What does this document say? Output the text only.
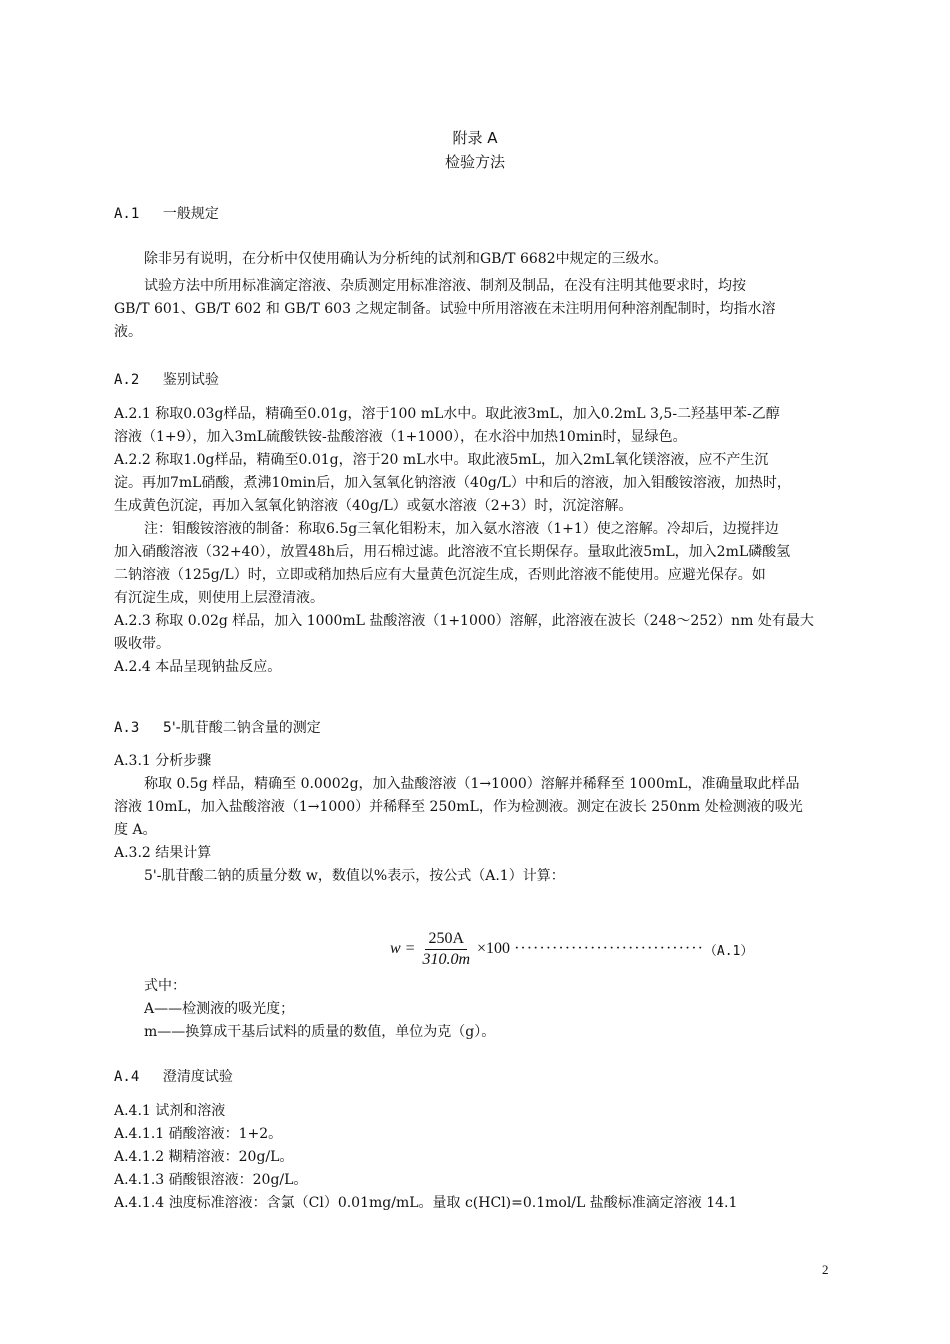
附录 A
检验方法
A.1 一般规定
除非另有说明，在分析中仅使用确认为分析纯的试剂和GB/T 6682中规定的三级水。
试验方法中所用标准滴定溶液、杂质测定用标准溶液、制剂及制品，在没有注明其他要求时，均按
GB/T 601、GB/T 602 和 GB/T 603 之规定制备。试验中所用溶液在未注明用何种溶剂配制时，均指水溶
液。
A.2 鉴别试验
A.2.1 称取0.03g样品，精确至0.01g，溶于100 mL水中。取此液3mL，加入0.2mL 3,5-二羟基甲苯-乙醇
溶液（1+9），加入3mL硫酸铁铵-盐酸溶液（1+1000），在水浴中加热10min时，显绿色。
A.2.2 称取1.0g样品，精确至0.01g，溶于20 mL水中。取此液5mL，加入2mL氧化镁溶液，应不产生沉
淀。再加7mL硝酸，煮沸10min后，加入氢氧化钠溶液（40g/L）中和后的溶液，加入钼酸铵溶液，加热时，
生成黄色沉淀，再加入氢氧化钠溶液（40g/L）或氨水溶液（2+3）时，沉淀溶解。
注：钼酸铵溶液的制备：称取6.5g三氧化钼粉末，加入氨水溶液（1+1）使之溶解。冷却后，边搅拌边
加入硝酸溶液（32+40），放置48h后，用石棉过滤。此溶液不宜长期保存。量取此液5mL，加入2mL磷酸氢
二钠溶液（125g/L）时，立即或稍加热后应有大量黄色沉淀生成，否则此溶液不能使用。应避光保存。如
有沉淀生成，则使用上层澄清液。
A.2.3 称取 0.02g 样品，加入 1000mL 盐酸溶液（1+1000）溶解，此溶液在波长（248～252）nm 处有最大
吸收带。
A.2.4 本品呈现钠盐反应。
A.3 5'-肌苷酸二钠含量的测定
A.3.1 分析步骤
称取 0.5g 样品，精确至 0.0002g，加入盐酸溶液（1→1000）溶解并稀释至 1000mL，准确量取此样品
溶液 10mL，加入盐酸溶液（1→1000）并稀释至 250mL，作为检测液。测定在波长 250nm 处检测液的吸光
度 A。
A.3.2 结果计算
5'-肌苷酸二钠的质量分数 w，数值以%表示，按公式（A.1）计算：
$w = \frac{250A}{310.0m} \times 100$ ······························ （A.1）
式中：
A——检测液的吸光度；
m——换算成干基后试料的质量的数值，单位为克（g）。
A.4 澄清度试验
A.4.1 试剂和溶液
A.4.1.1 硝酸溶液：1+2。
A.4.1.2 糊精溶液：20g/L。
A.4.1.3 硝酸银溶液：20g/L。
A.4.1.4 浊度标准溶液：含氯（Cl）0.01mg/mL。量取 c(HCl)=0.1mol/L 盐酸标准滴定溶液 14.1
2
